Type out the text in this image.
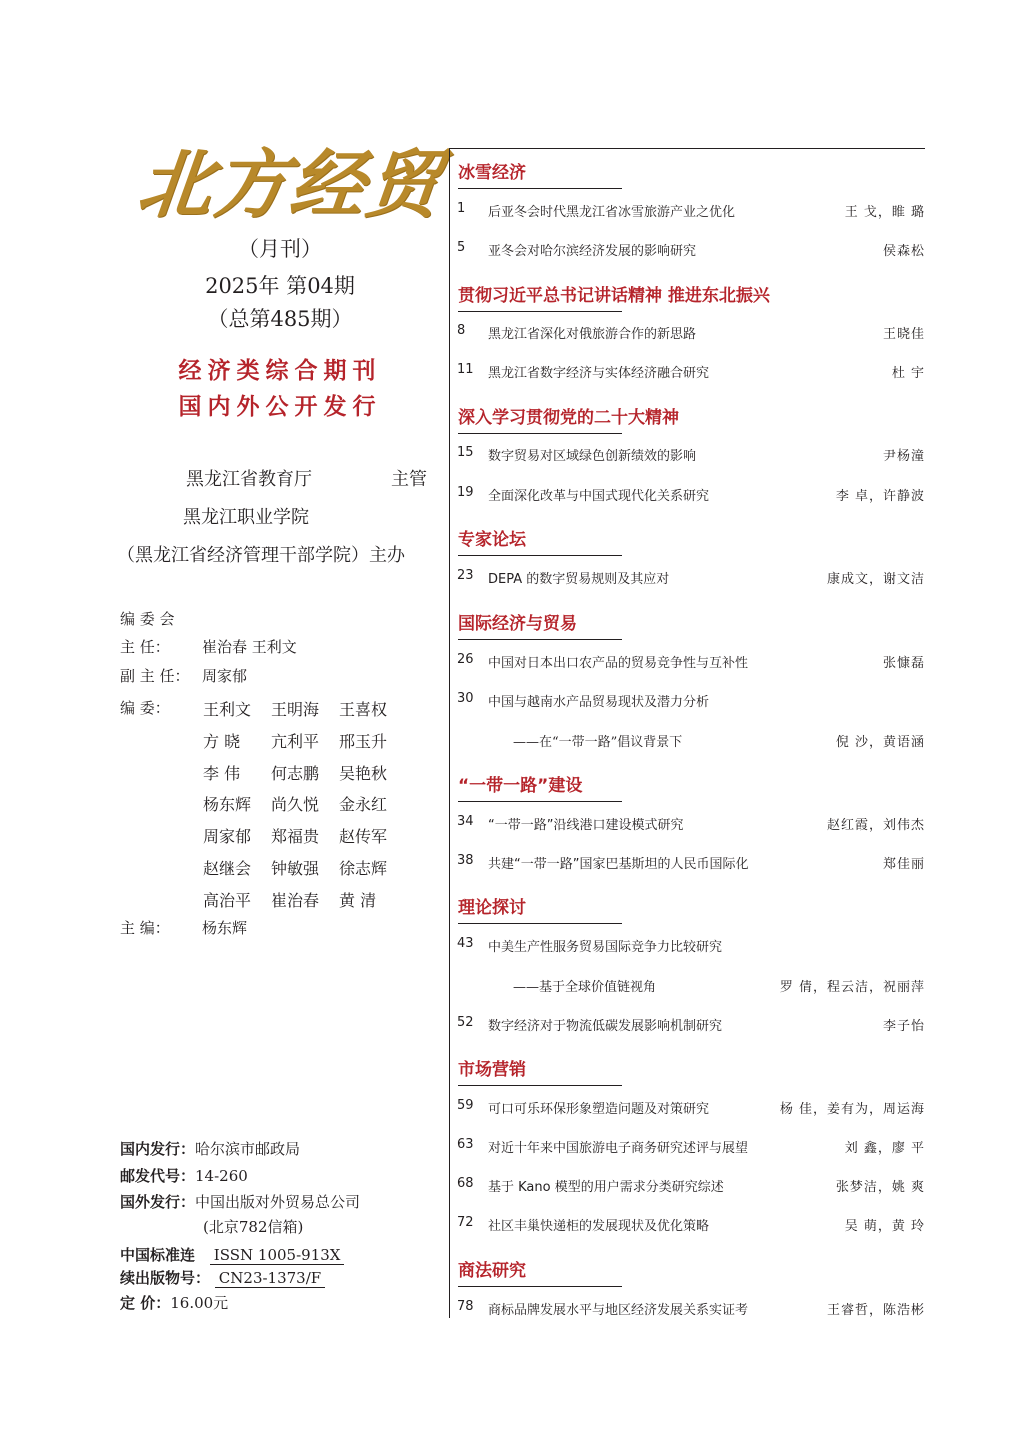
北方经贸
（月刊）
2025年 第04期
（总第485期）
经济类综合期刊
国内外公开发行
黑龙江省教育厅	主管
黑龙江职业学院
（黑龙江省经济管理干部学院）主办
编 委 会
主 任： 崔治春 王利文
副 主 任： 周家郁
编 委：	王利文 王明海 王喜权
方 晓 亢利平 邢玉升
李 伟 何志鹏 吴艳秋
杨东辉 尚久悦 金永红
周家郁 郑福贵 赵传军
赵继会 钟敏强 徐志辉
高治平 崔治春 黄 清
主 编： 杨东辉
国内发行：哈尔滨市邮政局
邮发代号：14-260
国外发行：中国出版对外贸易总公司
(北京782信箱)
中国标准连 ISSN 1005-913X
续出版物号： CN23-1373/F
定 价：16.00元
冰雪经济
1 后亚冬会时代黑龙江省冰雪旅游产业之优化	王 戈，睢 璐
5 亚冬会对哈尔滨经济发展的影响研究	侯森松
贯彻习近平总书记讲话精神 推进东北振兴
8 黑龙江省深化对俄旅游合作的新思路	王晓佳
11 黑龙江省数字经济与实体经济融合研究	杜 宇
深入学习贯彻党的二十大精神
15 数字贸易对区域绿色创新绩效的影响	尹杨潼
19 全面深化改革与中国式现代化关系研究	李 卓，许静波
专家论坛
23 DEPA 的数字贸易规则及其应对	康成文，谢文洁
国际经济与贸易
26 中国对日本出口农产品的贸易竞争性与互补性	张慷磊
30 中国与越南水产品贸易现状及潜力分析
——在“一带一路”倡议背景下	倪 沙，黄语涵
“一带一路”建设
34 “一带一路”沿线港口建设模式研究	赵红霞，刘伟杰
38 共建“一带一路”国家巴基斯坦的人民币国际化	郑佳丽
理论探讨
43 中美生产性服务贸易国际竞争力比较研究
——基于全球价值链视角	罗 倩，程云洁，祝丽萍
52 数字经济对于物流低碳发展影响机制研究	李子怡
市场营销
59 可口可乐环保形象塑造问题及对策研究	杨 佳，姜有为，周运海
63 对近十年来中国旅游电子商务研究述评与展望	刘 鑫，廖 平
68 基于 Kano 模型的用户需求分类研究综述	张梦洁，姚 爽
72 社区丰巢快递柜的发展现状及优化策略	吴 萌，黄 玲
商法研究
78 商标品牌发展水平与地区经济发展关系实证考	王睿哲，陈浩彬
